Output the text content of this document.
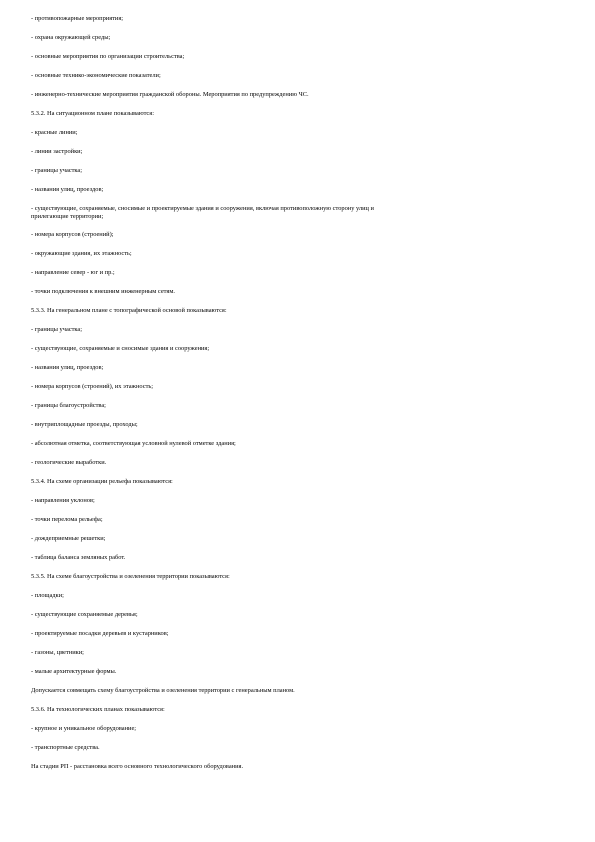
- противопожарные мероприятия;
- охрана окружающей среды;
- основные мероприятия по организации строительства;
- основные технико-экономические показатели;
- инженерно-технические мероприятия гражданской обороны. Мероприятия по предупреждению ЧС.
5.3.2. На ситуационном плане показываются:
- красные линии;
- линии застройки;
- границы участка;
- названия улиц, проездов;
- существующие, сохраняемые, сносимые и проектируемые здания и сооружения, включая противоположную сторону улиц и
прилегающие территории;
- номера корпусов (строений);
- окружающие здания, их этажность;
- направление север - юг и пр.;
- точки подключения к внешним инженерным сетям.
5.3.3. На генеральном плане с топографической основой показываются:
- границы участка;
- существующие, сохраняемые и сносимые здания и сооружения;
- названия улиц, проездов;
- номера корпусов (строений), их этажность;
- границы благоустройства;
- внутриплощадные проезды, проходы;
- абсолютная отметка, соответствующая условной нулевой отметке здания;
- геологические выработки.
5.3.4. На схеме организации рельефа показываются:
- направления уклонов;
- точки перелома рельефа;
- дождеприемные решетки;
- таблица баланса земляных работ.
5.3.5. На схеме благоустройства и озеленения территории показываются:
- площадки;
- существующие сохраняемые деревья;
- проектируемые посадки деревьев и кустарников;
- газоны, цветники;
- малые архитектурные формы.
Допускается совмещать схему благоустройства и озеленения территории с генеральным планом.
5.3.6. На технологических планах показываются:
- крупное и уникальное оборудование;
- транспортные средства.
На стадии РП - расстановка всего основного технологического оборудования.
